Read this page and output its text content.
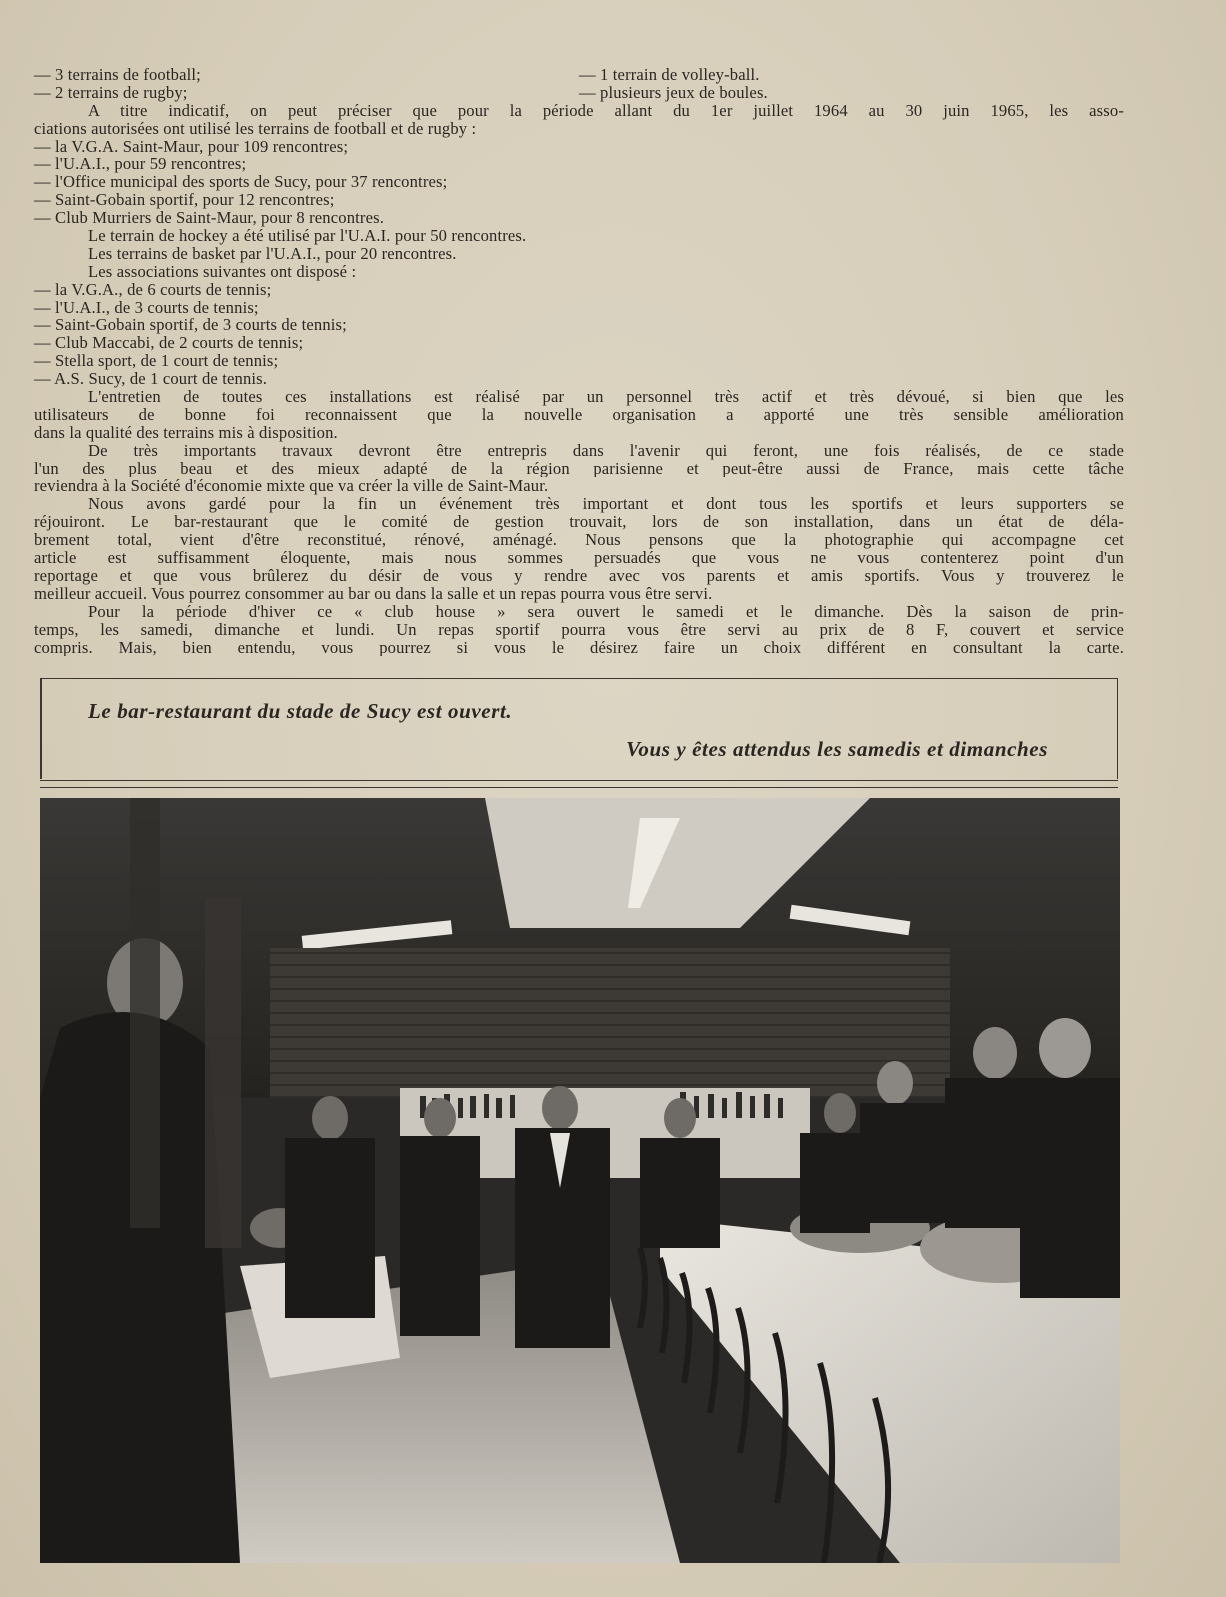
— 3 terrains de football;	— 1 terrain de volley-ball.
— 2 terrains de rugby;	— plusieurs jeux de boules.
A titre indicatif, on peut préciser que pour la période allant du 1er juillet 1964 au 30 juin 1965, les asso-
ciations autorisées ont utilisé les terrains de football et de rugby :
— la V.G.A. Saint-Maur, pour 109 rencontres;
— l'U.A.I., pour 59 rencontres;
— l'Office municipal des sports de Sucy, pour 37 rencontres;
— Saint-Gobain sportif, pour 12 rencontres;
— Club Murriers de Saint-Maur, pour 8 rencontres.
Le terrain de hockey a été utilisé par l'U.A.I. pour 50 rencontres.
Les terrains de basket par l'U.A.I., pour 20 rencontres.
Les associations suivantes ont disposé :
— la V.G.A., de 6 courts de tennis;
— l'U.A.I., de 3 courts de tennis;
— Saint-Gobain sportif, de 3 courts de tennis;
— Club Maccabi, de 2 courts de tennis;
— Stella sport, de 1 court de tennis;
— A.S. Sucy, de 1 court de tennis.
L'entretien de toutes ces installations est réalisé par un personnel très actif et très dévoué, si bien que les
utilisateurs de bonne foi reconnaissent que la nouvelle organisation a apporté une très sensible amélioration
dans la qualité des terrains mis à disposition.
De très importants travaux devront être entrepris dans l'avenir qui feront, une fois réalisés, de ce stade
l'un des plus beau et des mieux adapté de la région parisienne et peut-être aussi de France, mais cette tâche
reviendra à la Société d'économie mixte que va créer la ville de Saint-Maur.
Nous avons gardé pour la fin un événement très important et dont tous les sportifs et leurs supporters se
réjouiront. Le bar-restaurant que le comité de gestion trouvait, lors de son installation, dans un état de déla-
brement total, vient d'être reconstitué, rénové, aménagé. Nous pensons que la photographie qui accompagne cet
article est suffisamment éloquente, mais nous sommes persuadés que vous ne vous contenterez point d'un
reportage et que vous brûlerez du désir de vous y rendre avec vos parents et amis sportifs. Vous y trouverez le
meilleur accueil. Vous pourrez consommer au bar ou dans la salle et un repas pourra vous être servi.
Pour la période d'hiver ce « club house » sera ouvert le samedi et le dimanche. Dès la saison de prin-
temps, les samedi, dimanche et lundi. Un repas sportif pourra vous être servi au prix de 8 F, couvert et service
compris. Mais, bien entendu, vous pourrez si vous le désirez faire un choix différent en consultant la carte.
Le bar-restaurant du stade de Sucy est ouvert.
Vous y êtes attendus les samedis et dimanches
